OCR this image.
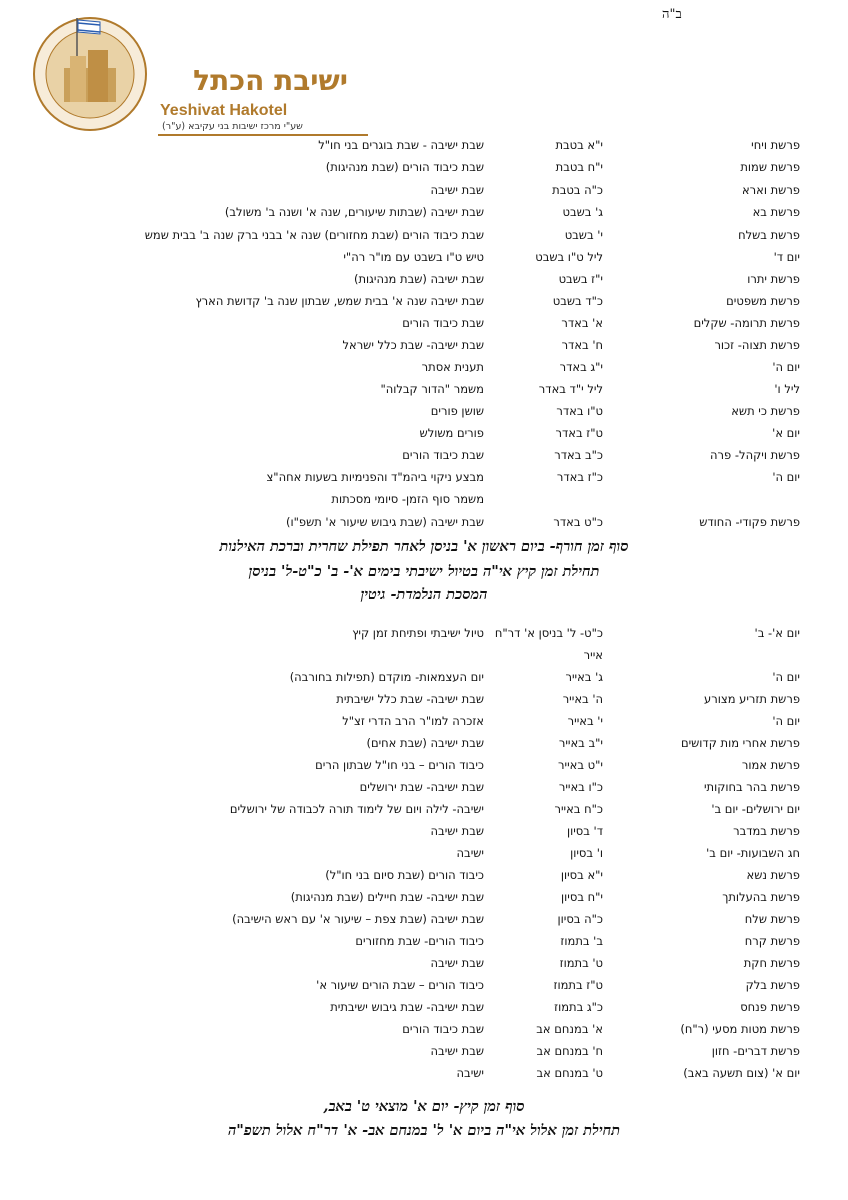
ב"ה
ישיבת הכתל
Yeshivat Hakotel
שע"י מרכז ישיבות בני עקיבא (ע"ר)
פרשת ויחי
י"א בטבת
שבת ישיבה - שבת בוגרים בני חו"ל
פרשת שמות
י"ח בטבת
שבת כיבוד הורים (שבת מנהיגות)
פרשת וארא
כ"ה בטבת
שבת ישיבה
פרשת בא
ג' בשבט
שבת ישיבה (שבתות שיעורים, שנה א' ושנה ב' משולב)
פרשת בשלח
י' בשבט
שבת כיבוד הורים (שבת מחזורים) שנה א' בבני ברק שנה ב' בבית שמש
יום ד'
ליל ט"ו בשבט
טיש ט"ו בשבט עם מו"ר רה"י
פרשת יתרו
י"ז בשבט
שבת ישיבה (שבת מנהיגות)
פרשת משפטים
כ"ד בשבט
שבת ישיבה שנה א' בבית שמש, שבתון שנה ב' קדושת הארץ
פרשת תרומה- שקלים
א' באדר
שבת כיבוד הורים
פרשת תצוה- זכור
ח' באדר
שבת ישיבה- שבת כלל ישראל
יום ה'
י"ג באדר
תענית אסתר
ליל ו'
ליל י"ד באדר
משמר "הדור קבלוה"
פרשת כי תשא
ט"ו באדר
שושן פורים
יום א'
ט"ז באדר
פורים משולש
פרשת ויקהל- פרה
כ"ב באדר
שבת כיבוד הורים
יום ה'
כ"ז באדר
מבצע ניקוי ביהמ"ד והפנימיות בשעות אחה"צ
משמר סוף הזמן- סיומי מסכתות
פרשת פקודי- החודש
כ"ט באדר
שבת ישיבה (שבת גיבוש שיעור א' תשפ"ו)
סוף זמן חורף- ביום ראשון א' בניסן לאחר תפילת שחרית וברכת האילנות
תחילת זמן קיץ אי"ה בטיול ישיבתי בימים א'- ב' כ"ט-ל' בניסן
המסכת הנלמדת- גיטין
יום א'- ב'
כ"ט- ל' בניסן א' דר"ח
טיול ישיבתי ופתיחת זמן קיץ
אייר
יום ה'
ג' באייר
יום העצמאות- מוקדם (תפילות בחורבה)
פרשת תזריע מצורע
ה' באייר
שבת ישיבה- שבת כלל ישיבתית
יום ה'
י' באייר
אזכרה למו"ר הרב הדרי זצ"ל
פרשת אחרי מות קדושים
י"ב באייר
שבת ישיבה (שבת אחים)
פרשת אמור
י"ט באייר
כיבוד הורים – בני חו"ל שבתון הרים
פרשת בהר בחוקותי
כ"ו באייר
שבת ישיבה- שבת ירושלים
יום ירושלים- יום ב'
כ"ח באייר
ישיבה- לילה ויום של לימוד תורה לכבודה של ירושלים
פרשת במדבר
ד' בסיון
שבת ישיבה
חג השבועות- יום ב'
ו' בסיון
ישיבה
פרשת נשא
י"א בסיון
כיבוד הורים (שבת סיום בני חו"ל)
פרשת בהעלותך
י"ח בסיון
שבת ישיבה- שבת חיילים (שבת מנהיגות)
פרשת שלח
כ"ה בסיון
שבת ישיבה (שבת צפת – שיעור א' עם ראש הישיבה)
פרשת קרח
ב' בתמוז
כיבוד הורים- שבת מחזורים
פרשת חקת
ט' בתמוז
שבת ישיבה
פרשת בלק
ט"ז בתמוז
כיבוד הורים – שבת הורים שיעור א'
פרשת פנחס
כ"ג בתמוז
שבת ישיבה- שבת גיבוש ישיבתית
פרשת מטות מסעי (ר"ח)
א' במנחם אב
שבת כיבוד הורים
פרשת דברים- חזון
ח' במנחם אב
שבת ישיבה
יום א' (צום תשעה באב)
ט' במנחם אב
ישיבה
סוף זמן קיץ- יום א' מוצאי ט' באב,
תחילת זמן אלול אי"ה ביום א' ל' במנחם אב- א' דר"ח אלול תשפ"ה
